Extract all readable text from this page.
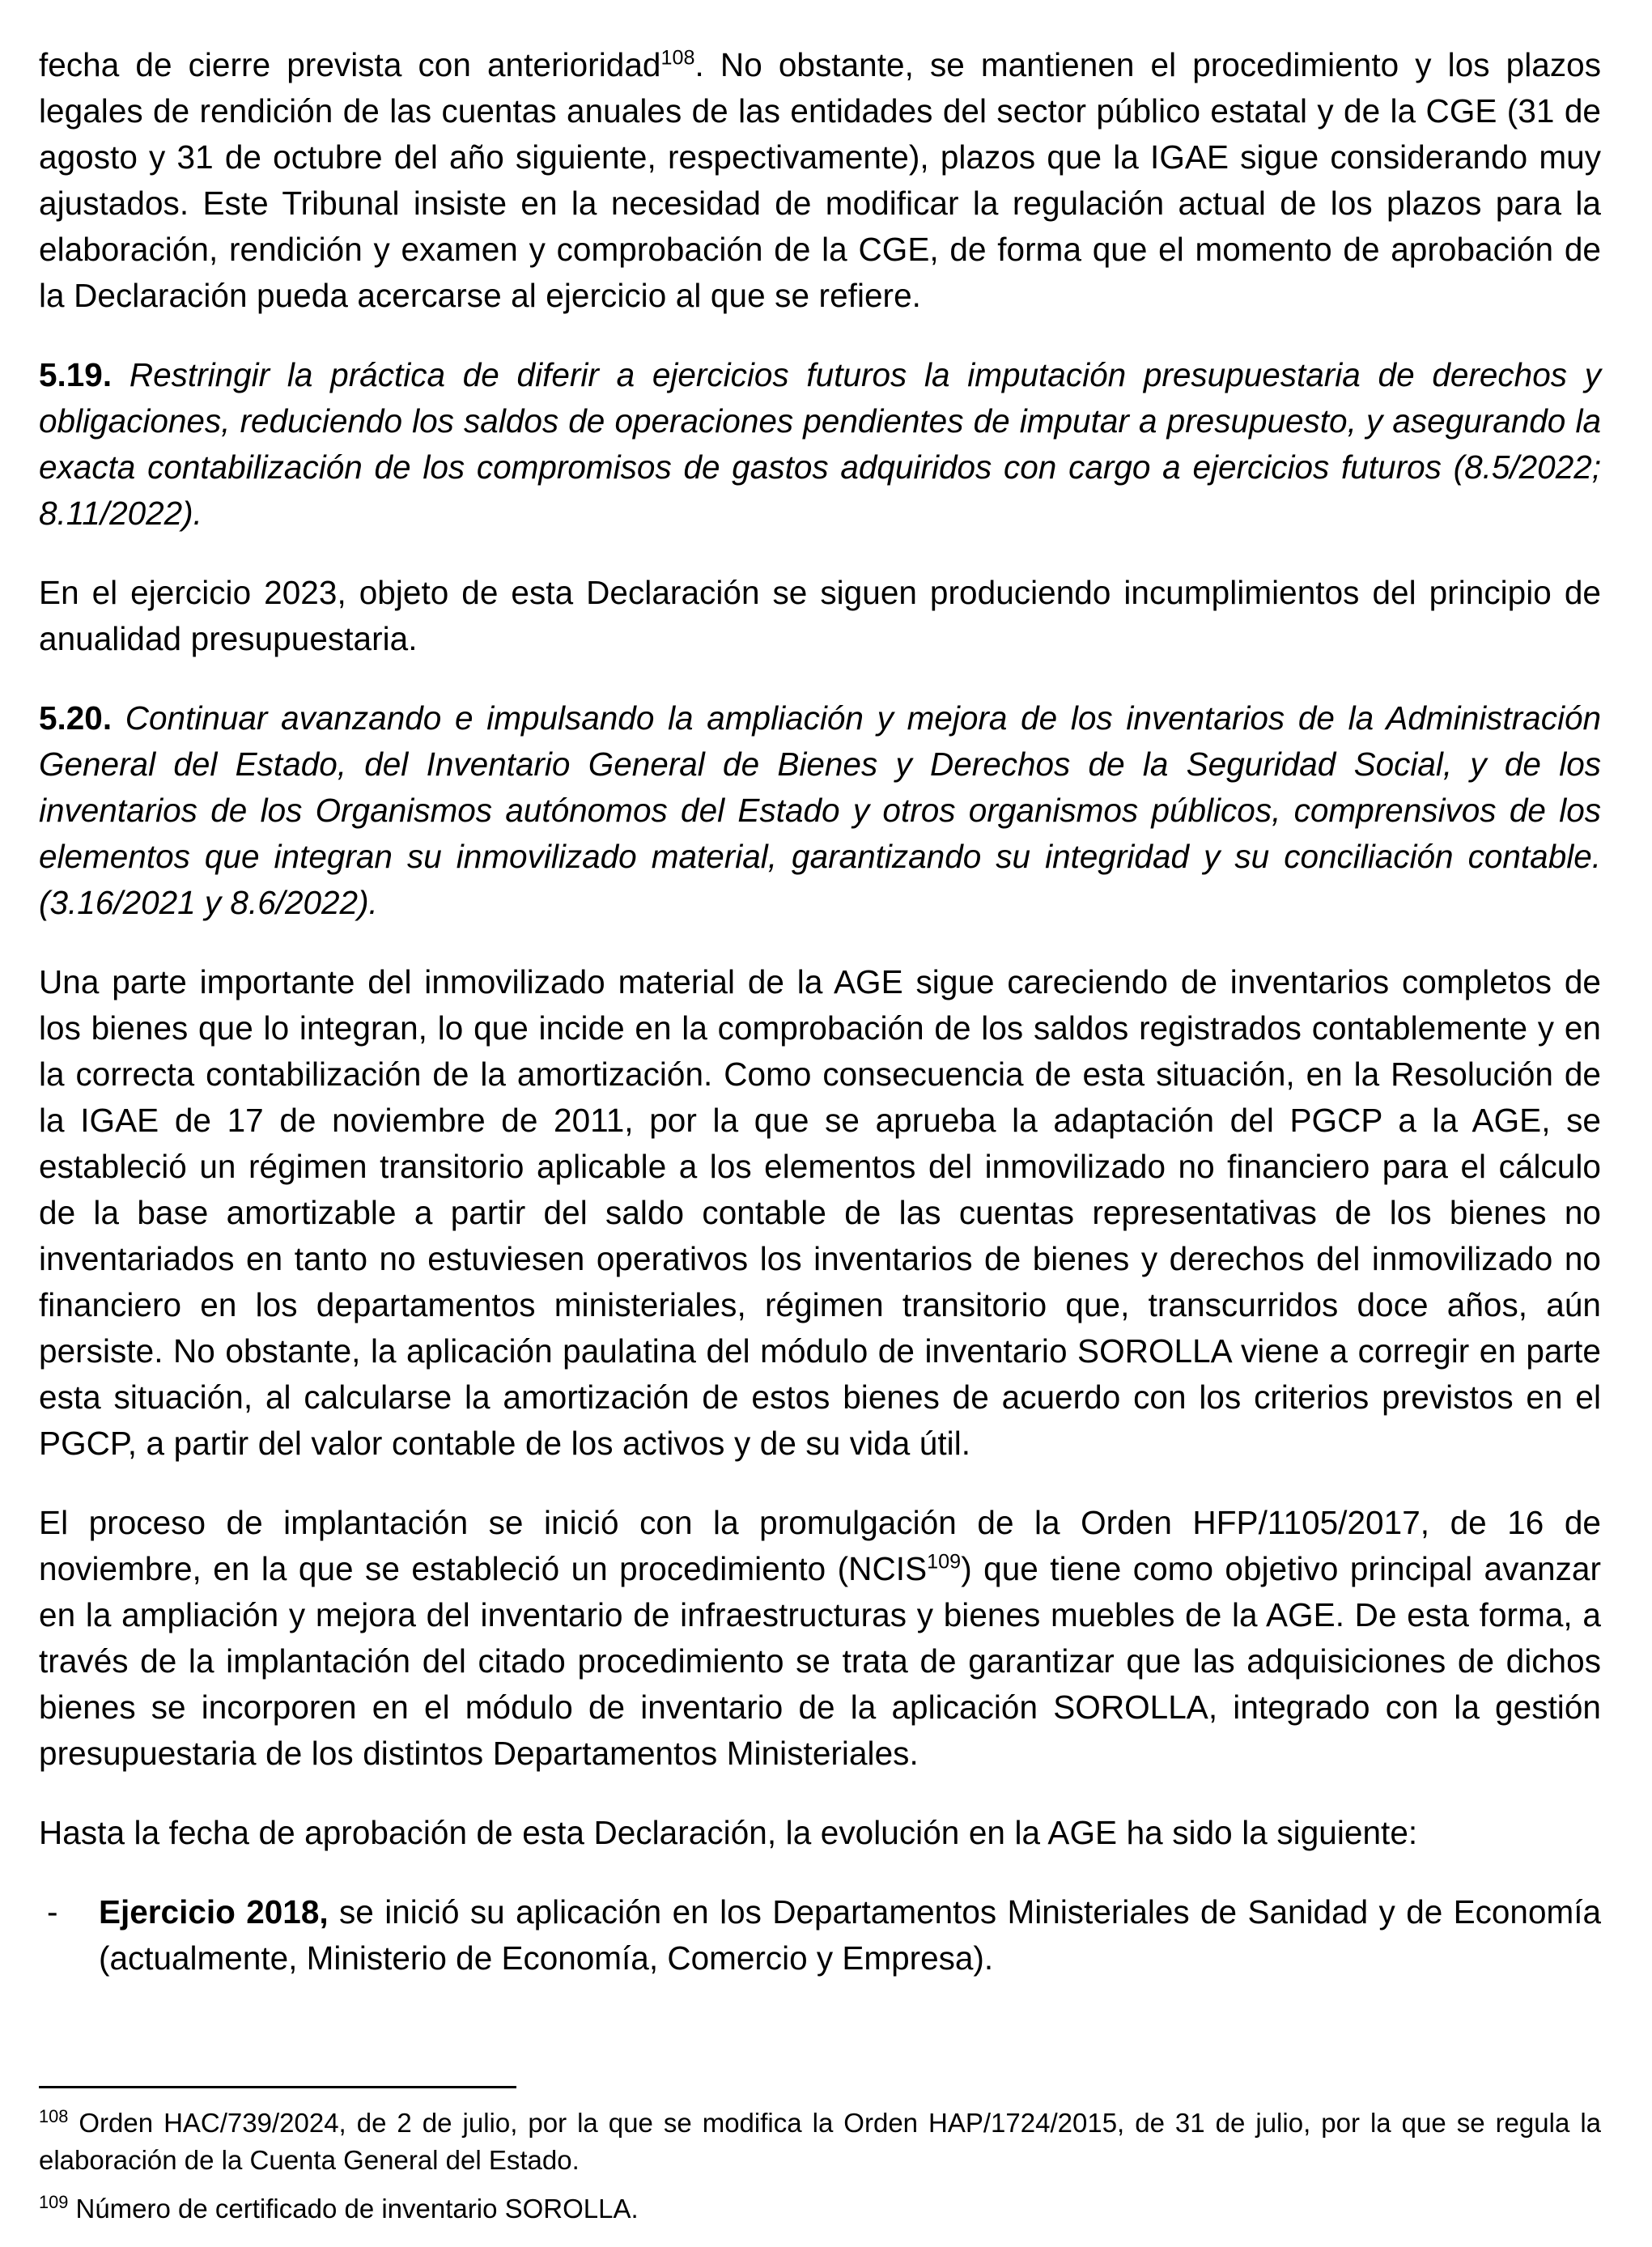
fecha de cierre prevista con anterioridad$^{108}$. No obstante, se mantienen el procedimiento y los plazos legales de rendición de las cuentas anuales de las entidades del sector público estatal y de la CGE (31 de agosto y 31 de octubre del año siguiente, respectivamente), plazos que la IGAE sigue considerando muy ajustados. Este Tribunal insiste en la necesidad de modificar la regulación actual de los plazos para la elaboración, rendición y examen y comprobación de la CGE, de forma que el momento de aprobación de la Declaración pueda acercarse al ejercicio al que se refiere.

5.19. Restringir la práctica de diferir a ejercicios futuros la imputación presupuestaria de derechos y obligaciones, reduciendo los saldos de operaciones pendientes de imputar a presupuesto, y asegurando la exacta contabilización de los compromisos de gastos adquiridos con cargo a ejercicios futuros (8.5/2022; 8.11/2022).

En el ejercicio 2023, objeto de esta Declaración se siguen produciendo incumplimientos del principio de anualidad presupuestaria.

5.20. Continuar avanzando e impulsando la ampliación y mejora de los inventarios de la Administración General del Estado, del Inventario General de Bienes y Derechos de la Seguridad Social, y de los inventarios de los Organismos autónomos del Estado y otros organismos públicos, comprensivos de los elementos que integran su inmovilizado material, garantizando su integridad y su conciliación contable. (3.16/2021 y 8.6/2022).

Una parte importante del inmovilizado material de la AGE sigue careciendo de inventarios completos de los bienes que lo integran, lo que incide en la comprobación de los saldos registrados contablemente y en la correcta contabilización de la amortización. Como consecuencia de esta situación, en la Resolución de la IGAE de 17 de noviembre de 2011, por la que se aprueba la adaptación del PGCP a la AGE, se estableció un régimen transitorio aplicable a los elementos del inmovilizado no financiero para el cálculo de la base amortizable a partir del saldo contable de las cuentas representativas de los bienes no inventariados en tanto no estuviesen operativos los inventarios de bienes y derechos del inmovilizado no financiero en los departamentos ministeriales, régimen transitorio que, transcurridos doce años, aún persiste. No obstante, la aplicación paulatina del módulo de inventario SOROLLA viene a corregir en parte esta situación, al calcularse la amortización de estos bienes de acuerdo con los criterios previstos en el PGCP, a partir del valor contable de los activos y de su vida útil.

El proceso de implantación se inició con la promulgación de la Orden HFP/1105/2017, de 16 de noviembre, en la que se estableció un procedimiento (NCIS$^{109}$) que tiene como objetivo principal avanzar en la ampliación y mejora del inventario de infraestructuras y bienes muebles de la AGE. De esta forma, a través de la implantación del citado procedimiento se trata de garantizar que las adquisiciones de dichos bienes se incorporen en el módulo de inventario de la aplicación SOROLLA, integrado con la gestión presupuestaria de los distintos Departamentos Ministeriales.

Hasta la fecha de aprobación de esta Declaración, la evolución en la AGE ha sido la siguiente:

- Ejercicio 2018, se inició su aplicación en los Departamentos Ministeriales de Sanidad y de Economía (actualmente, Ministerio de Economía, Comercio y Empresa).

$^{108}$ Orden HAC/739/2024, de 2 de julio, por la que se modifica la Orden HAP/1724/2015, de 31 de julio, por la que se regula la elaboración de la Cuenta General del Estado.

$^{109}$ Número de certificado de inventario SOROLLA.
